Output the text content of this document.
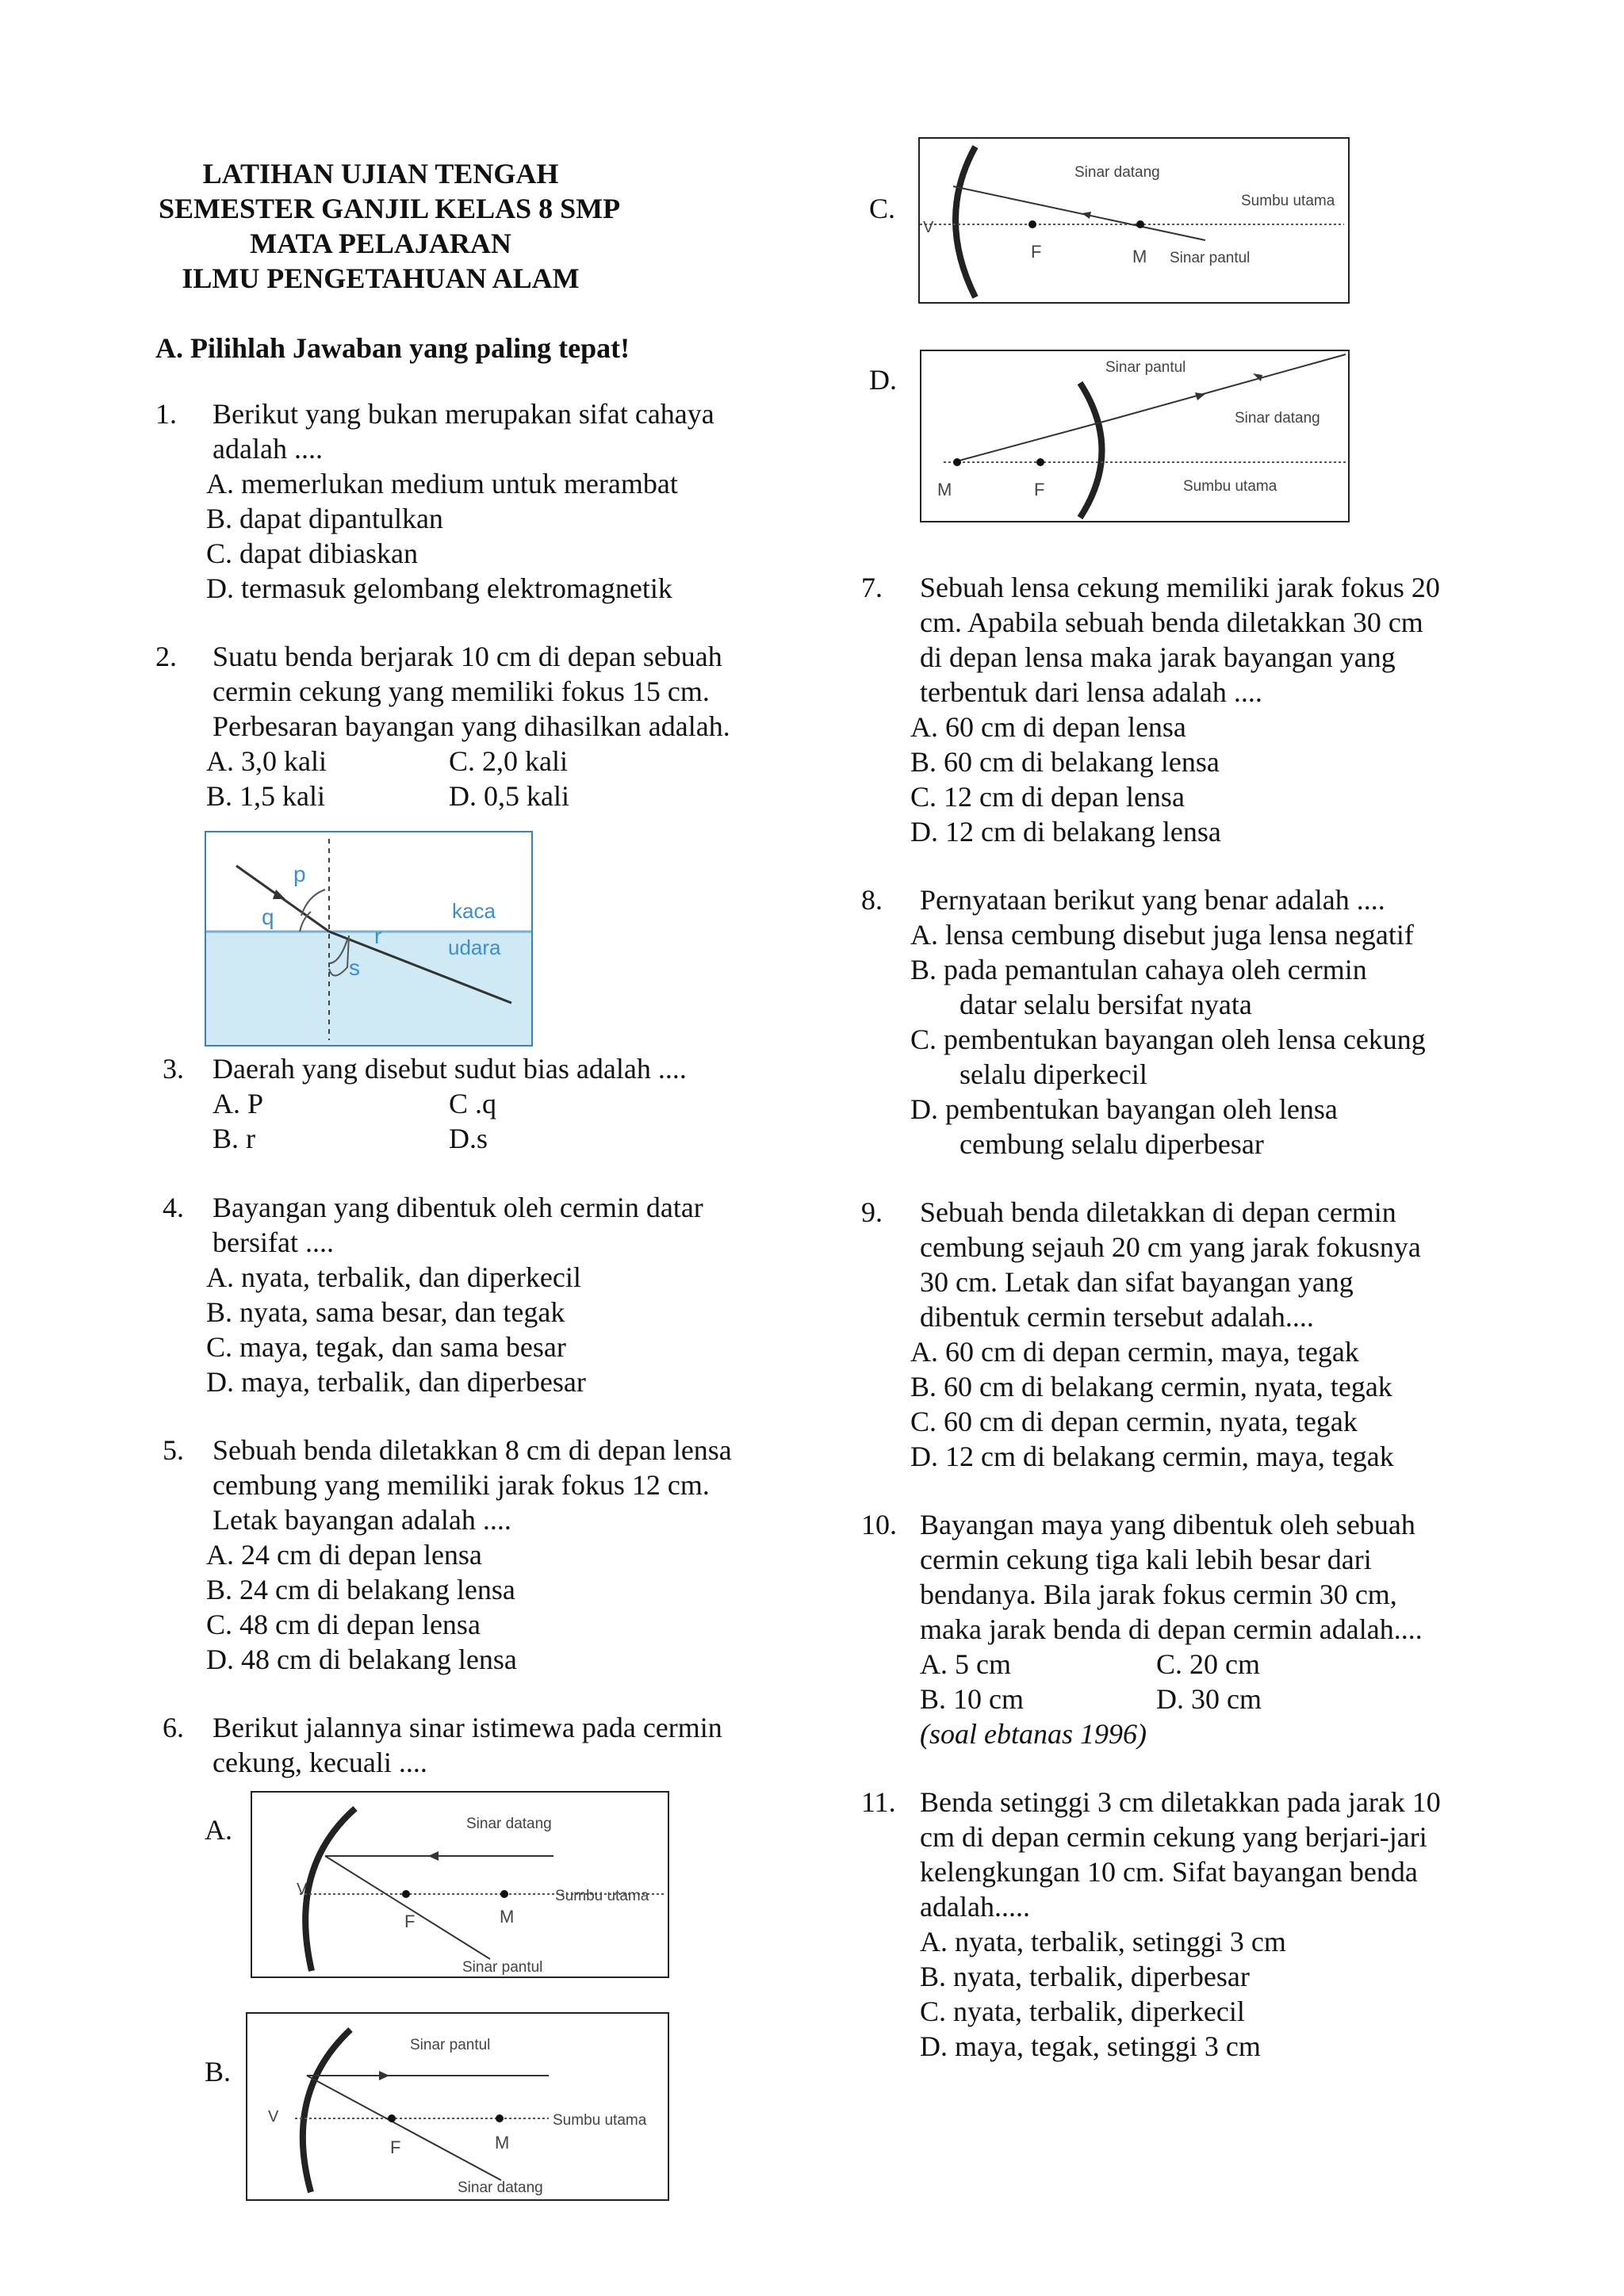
LATIHAN UJIAN TENGAH
SEMESTER GANJIL KELAS 8 SMP
MATA PELAJARAN
ILMU PENGETAHUAN ALAM
A. Pilihlah Jawaban yang paling tepat!
1. Berikut yang bukan merupakan sifat cahaya
adalah ....
A. memerlukan medium untuk merambat
B. dapat dipantulkan
C. dapat dibiaskan
D. termasuk gelombang elektromagnetik
2. Suatu benda berjarak 10 cm di depan sebuah
cermin cekung yang memiliki fokus 15 cm.
Perbesaran bayangan yang dihasilkan adalah.
A. 3,0 kali	C. 2,0 kali
B. 1,5 kali	D. 0,5 kali
p
q
r
s
kaca
udara
3. Daerah yang disebut sudut bias adalah ....
A. P	C .q
B. r	D.s
4. Bayangan yang dibentuk oleh cermin datar
bersifat ....
A. nyata, terbalik, dan diperkecil
B. nyata, sama besar, dan tegak
C. maya, tegak, dan sama besar
D. maya, terbalik, dan diperbesar
5. Sebuah benda diletakkan 8 cm di depan lensa
cembung yang memiliki jarak fokus 12 cm.
Letak bayangan adalah ....
A. 24 cm di depan lensa
B. 24 cm di belakang lensa
C. 48 cm di depan lensa
D. 48 cm di belakang lensa
6. Berikut jalannya sinar istimewa pada cermin
cekung, kecuali ....
A.	Sinar datang
Sumbu utama
Sinar pantul
V
F	M
B.
Sinar pantul
Sumbu utama
Sinar datang
V
F	M
C.
Sinar datang
Sumbu utama
Sinar pantul
V
F	M
D.	Sinar pantul
Sinar datang
Sumbu utama
M	F
7. Sebuah lensa cekung memiliki jarak fokus 20
cm. Apabila sebuah benda diletakkan 30 cm
di depan lensa maka jarak bayangan yang
terbentuk dari lensa adalah ....
A. 60 cm di depan lensa
B. 60 cm di belakang lensa
C. 12 cm di depan lensa
D. 12 cm di belakang lensa
8. Pernyataan berikut yang benar adalah ....
A. lensa cembung disebut juga lensa negatif
B. pada pemantulan cahaya oleh cermin
datar selalu bersifat nyata
C. pembentukan bayangan oleh lensa cekung
selalu diperkecil
D. pembentukan bayangan oleh lensa
cembung selalu diperbesar
9. Sebuah benda diletakkan di depan cermin
cembung sejauh 20 cm yang jarak fokusnya
30 cm. Letak dan sifat bayangan yang
dibentuk cermin tersebut adalah....
A. 60 cm di depan cermin, maya, tegak
B. 60 cm di belakang cermin, nyata, tegak
C. 60 cm di depan cermin, nyata, tegak
D. 12 cm di belakang cermin, maya, tegak
10. Bayangan maya yang dibentuk oleh sebuah
cermin cekung tiga kali lebih besar dari
bendanya. Bila jarak fokus cermin 30 cm,
maka jarak benda di depan cermin adalah....
A. 5 cm	C. 20 cm
B. 10 cm	D. 30 cm
(soal ebtanas 1996)
11. Benda setinggi 3 cm diletakkan pada jarak 10
cm di depan cermin cekung yang berjari-jari
kelengkungan 10 cm. Sifat bayangan benda
adalah.....
A. nyata, terbalik, setinggi 3 cm
B. nyata, terbalik, diperbesar
C. nyata, terbalik, diperkecil
D. maya, tegak, setinggi 3 cm
